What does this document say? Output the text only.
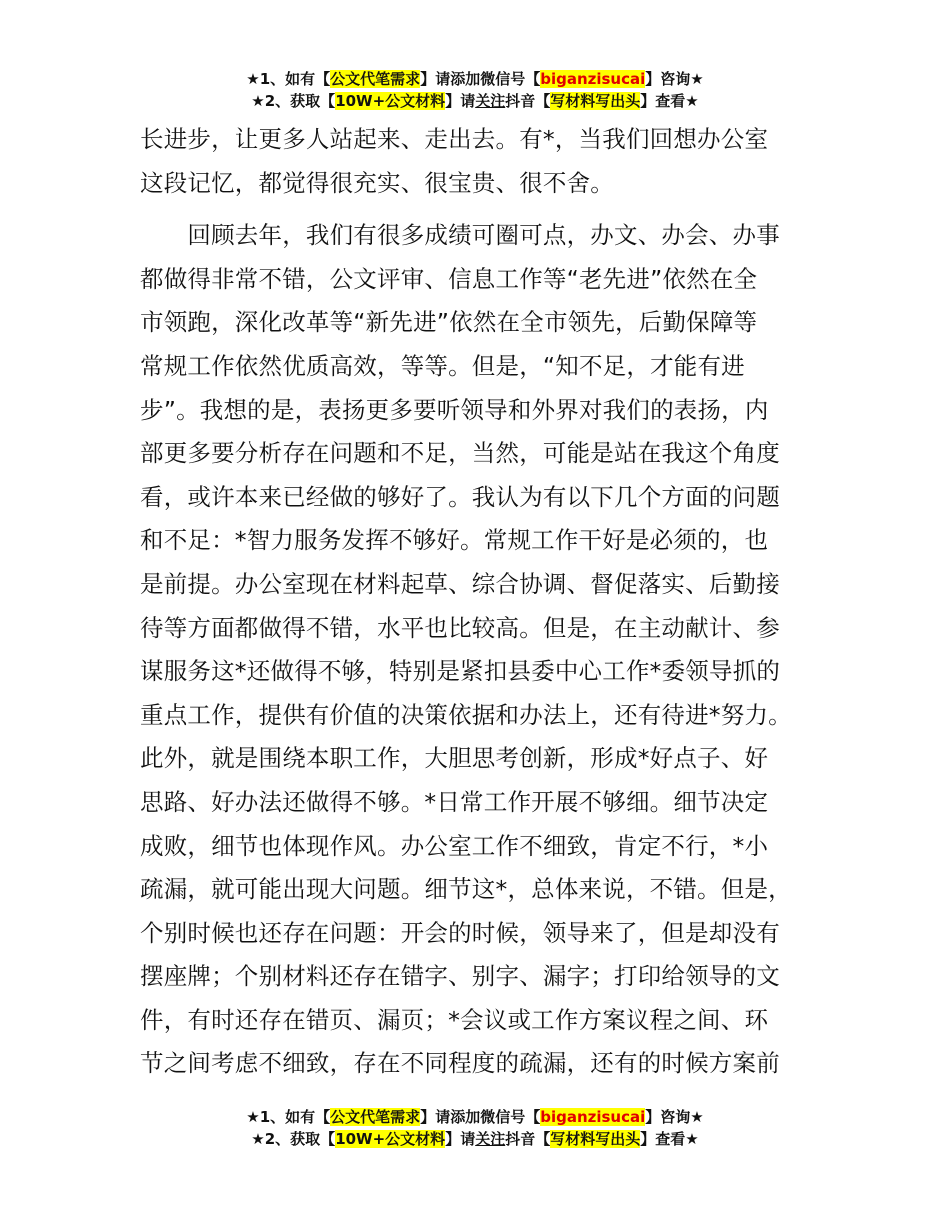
★1、如有【公文代笔需求】请添加微信号【biganzisucai】咨询★
★2、获取【10W+公文材料】请关注抖音【写材料写出头】查看★
长进步，让更多人站起来、走出去。有*，当我们回想办公室
这段记忆，都觉得很充实、很宝贵、很不舍。
　　回顾去年，我们有很多成绩可圈可点，办文、办会、办事
都做得非常不错，公文评审、信息工作等“老先进”依然在全
市领跑，深化改革等“新先进”依然在全市领先，后勤保障等
常规工作依然优质高效，等等。但是，“知不足，才能有进
步”。我想的是，表扬更多要听领导和外界对我们的表扬，内
部更多要分析存在问题和不足，当然，可能是站在我这个角度
看，或许本来已经做的够好了。我认为有以下几个方面的问题
和不足：*智力服务发挥不够好。常规工作干好是必须的，也
是前提。办公室现在材料起草、综合协调、督促落实、后勤接
待等方面都做得不错，水平也比较高。但是，在主动献计、参
谋服务这*还做得不够，特别是紧扣县委中心工作*委领导抓的
重点工作，提供有价值的决策依据和办法上，还有待进*努力。
此外，就是围绕本职工作，大胆思考创新，形成*好点子、好
思路、好办法还做得不够。*日常工作开展不够细。细节决定
成败，细节也体现作风。办公室工作不细致，肯定不行，*小
疏漏，就可能出现大问题。细节这*，总体来说，不错。但是，
个别时候也还存在问题：开会的时候，领导来了，但是却没有
摆座牌；个别材料还存在错字、别字、漏字；打印给领导的文
件，有时还存在错页、漏页；*会议或工作方案议程之间、环
节之间考虑不细致，存在不同程度的疏漏，还有的时候方案前
★1、如有【公文代笔需求】请添加微信号【biganzisucai】咨询★
★2、获取【10W+公文材料】请关注抖音【写材料写出头】查看★
